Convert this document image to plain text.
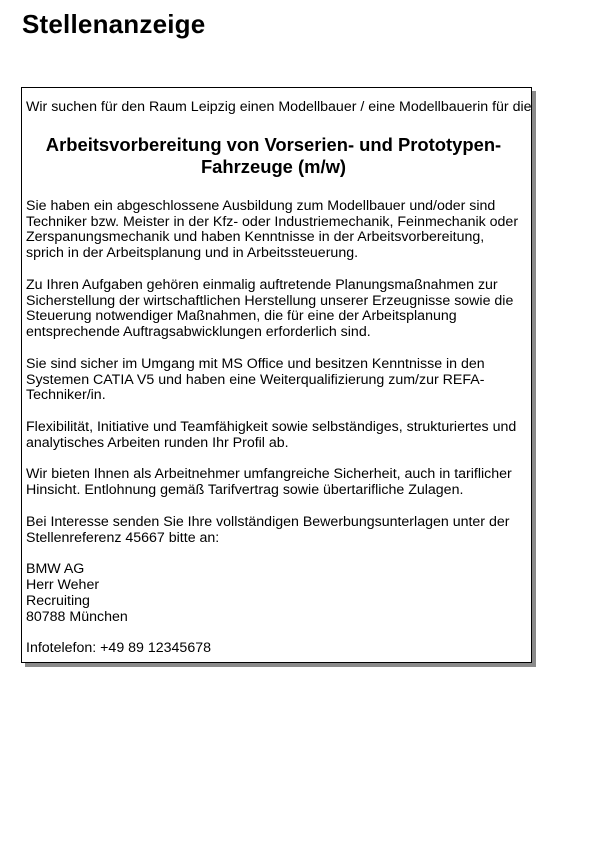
Stellenanzeige

Wir suchen für den Raum Leipzig einen Modellbauer / eine Modellbauerin für die

Arbeitsvorbereitung von Vorserien- und Prototypen-
Fahrzeuge (m/w)

Sie haben ein abgeschlossene Ausbildung zum Modellbauer und/oder sind Techniker bzw. Meister in der Kfz- oder Industriemechanik, Feinmechanik oder Zerspanungsmechanik und haben Kenntnisse in der Arbeitsvorbereitung, sprich in der Arbeitsplanung und in Arbeitssteuerung.

Zu Ihren Aufgaben gehören einmalig auftretende Planungsmaßnahmen zur Sicherstellung der wirtschaftlichen Herstellung unserer Erzeugnisse sowie die Steuerung notwendiger Maßnahmen, die für eine der Arbeitsplanung entsprechende Auftragsabwicklungen erforderlich sind.

Sie sind sicher im Umgang mit MS Office und besitzen Kenntnisse in den Systemen CATIA V5 und haben eine Weiterqualifizierung zum/zur REFA-Techniker/in.

Flexibilität, Initiative und Teamfähigkeit sowie selbständiges, strukturiertes und analytisches Arbeiten runden Ihr Profil ab.

Wir bieten Ihnen als Arbeitnehmer umfangreiche Sicherheit, auch in tariflicher Hinsicht. Entlohnung gemäß Tarifvertrag sowie übertarifliche Zulagen.

Bei Interesse senden Sie Ihre vollständigen Bewerbungsunterlagen unter der Stellenreferenz 45667 bitte an:

BMW AG
Herr Weher
Recruiting
80788 München

Infotelefon: +49 89 12345678
